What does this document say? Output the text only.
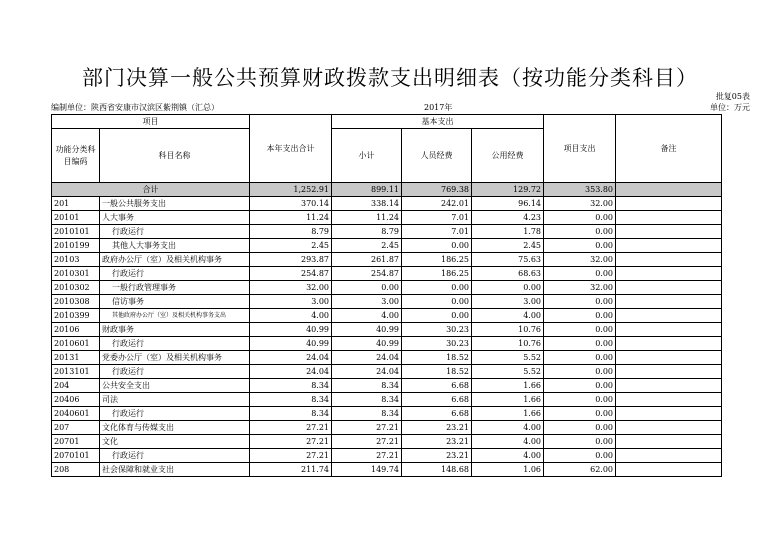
部门决算一般公共预算财政拨款支出明细表（按功能分类科目）
批复05表
编制单位：陕西省安康市汉滨区紫荆镇（汇总）	2017年	单位：万元
项目		本年支出合计	基本支出			项目支出	备注
功能分类科目编码	科目名称		小计	人员经费	公用经费		
合计		1,252.91	899.11	769.38	129.72	353.80	
201	一般公共服务支出	370.14	338.14	242.01	96.14	32.00	
20101	人大事务	11.24	11.24	7.01	4.23	0.00	
2010101	行政运行	8.79	8.79	7.01	1.78	0.00	
2010199	其他人大事务支出	2.45	2.45	0.00	2.45	0.00	
20103	政府办公厅（室）及相关机构事务	293.87	261.87	186.25	75.63	32.00	
2010301	行政运行	254.87	254.87	186.25	68.63	0.00	
2010302	一般行政管理事务	32.00	0.00	0.00	0.00	32.00	
2010308	信访事务	3.00	3.00	0.00	3.00	0.00	
2010399	其他政府办公厅（室）及相关机构事务支出	4.00	4.00	0.00	4.00	0.00	
20106	财政事务	40.99	40.99	30.23	10.76	0.00	
2010601	行政运行	40.99	40.99	30.23	10.76	0.00	
20131	党委办公厅（室）及相关机构事务	24.04	24.04	18.52	5.52	0.00	
2013101	行政运行	24.04	24.04	18.52	5.52	0.00	
204	公共安全支出	8.34	8.34	6.68	1.66	0.00	
20406	司法	8.34	8.34	6.68	1.66	0.00	
2040601	行政运行	8.34	8.34	6.68	1.66	0.00	
207	文化体育与传媒支出	27.21	27.21	23.21	4.00	0.00	
20701	文化	27.21	27.21	23.21	4.00	0.00	
2070101	行政运行	27.21	27.21	23.21	4.00	0.00	
208	社会保障和就业支出	211.74	149.74	148.68	1.06	62.00	
